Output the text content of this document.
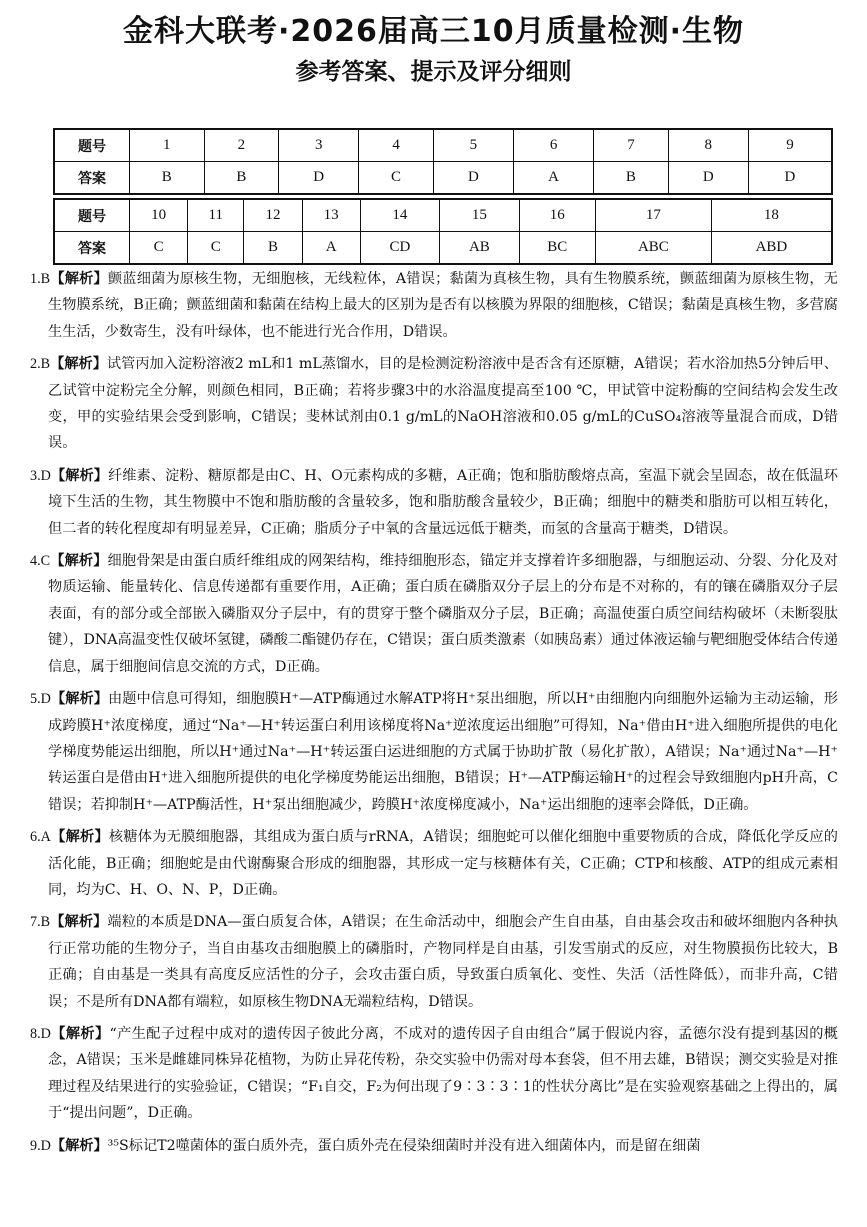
金科大联考·2026届高三10月质量检测·生物
参考答案、提示及评分细则
题号	1	2	3	4	5	6	7	8	9
答案	B	B	D	C	D	A	B	D	D
题号	10	11	12	13	14	15	16	17	18
答案	C	C	B	A	CD	AB	BC	ABC	ABD

1.B【解析】颤蓝细菌为原核生物，无细胞核，无线粒体，A错误；黏菌为真核生物，具有生物膜系统，颤蓝细菌为原核生物，无生物膜系统，B正确；颤蓝细菌和黏菌在结构上最大的区别为是否有以核膜为界限的细胞核，C错误；黏菌是真核生物，多营腐生生活，少数寄生，没有叶绿体，也不能进行光合作用，D错误。

2.B【解析】试管丙加入淀粉溶液2 mL和1 mL蒸馏水，目的是检测淀粉溶液中是否含有还原糖，A错误；若水浴加热5分钟后甲、乙试管中淀粉完全分解，则颜色相同，B正确；若将步骤3中的水浴温度提高至100 ℃，甲试管中淀粉酶的空间结构会发生改变，甲的实验结果会受到影响，C错误；斐林试剂由0.1 g/mL的NaOH溶液和0.05 g/mL的CuSO₄溶液等量混合而成，D错误。

3.D【解析】纤维素、淀粉、糖原都是由C、H、O元素构成的多糖，A正确；饱和脂肪酸熔点高，室温下就会呈固态，故在低温环境下生活的生物，其生物膜中不饱和脂肪酸的含量较多，饱和脂肪酸含量较少，B正确；细胞中的糖类和脂肪可以相互转化，但二者的转化程度却有明显差异，C正确；脂质分子中氧的含量远远低于糖类，而氢的含量高于糖类，D错误。

4.C【解析】细胞骨架是由蛋白质纤维组成的网架结构，维持细胞形态，锚定并支撑着许多细胞器，与细胞运动、分裂、分化及对物质运输、能量转化、信息传递都有重要作用，A正确；蛋白质在磷脂双分子层上的分布是不对称的，有的镶在磷脂双分子层表面，有的部分或全部嵌入磷脂双分子层中，有的贯穿于整个磷脂双分子层，B正确；高温使蛋白质空间结构破坏（未断裂肽键），DNA高温变性仅破坏氢键，磷酸二酯键仍存在，C错误；蛋白质类激素（如胰岛素）通过体液运输与靶细胞受体结合传递信息，属于细胞间信息交流的方式，D正确。

5.D【解析】由题中信息可得知，细胞膜H⁺—ATP酶通过水解ATP将H⁺泵出细胞，所以H⁺由细胞内向细胞外运输为主动运输，形成跨膜H⁺浓度梯度，通过“Na⁺—H⁺转运蛋白利用该梯度将Na⁺逆浓度运出细胞”可得知，Na⁺借由H⁺进入细胞所提供的电化学梯度势能运出细胞，所以H⁺通过Na⁺—H⁺转运蛋白运进细胞的方式属于协助扩散（易化扩散），A错误；Na⁺通过Na⁺—H⁺转运蛋白是借由H⁺进入细胞所提供的电化学梯度势能运出细胞，B错误；H⁺—ATP酶运输H⁺的过程会导致细胞内pH升高，C错误；若抑制H⁺—ATP酶活性，H⁺泵出细胞减少，跨膜H⁺浓度梯度减小，Na⁺运出细胞的速率会降低，D正确。

6.A【解析】核糖体为无膜细胞器，其组成为蛋白质与rRNA，A错误；细胞蛇可以催化细胞中重要物质的合成，降低化学反应的活化能，B正确；细胞蛇是由代谢酶聚合形成的细胞器，其形成一定与核糖体有关，C正确；CTP和核酸、ATP的组成元素相同，均为C、H、O、N、P，D正确。

7.B【解析】端粒的本质是DNA—蛋白质复合体，A错误；在生命活动中，细胞会产生自由基，自由基会攻击和破坏细胞内各种执行正常功能的生物分子，当自由基攻击细胞膜上的磷脂时，产物同样是自由基，引发雪崩式的反应，对生物膜损伤比较大，B正确；自由基是一类具有高度反应活性的分子，会攻击蛋白质，导致蛋白质氧化、变性、失活（活性降低），而非升高，C错误；不是所有DNA都有端粒，如原核生物DNA无端粒结构，D错误。

8.D【解析】“产生配子过程中成对的遗传因子彼此分离，不成对的遗传因子自由组合”属于假说内容，孟德尔没有提到基因的概念，A错误；玉米是雌雄同株异花植物，为防止异花传粉，杂交实验中仍需对母本套袋，但不用去雄，B错误；测交实验是对推理过程及结果进行的实验验证，C错误；“F₁自交，F₂为何出现了9∶3∶3∶1的性状分离比”是在实验观察基础之上得出的，属于“提出问题”，D正确。

9.D【解析】³⁵S标记T2噬菌体的蛋白质外壳，蛋白质外壳在侵染细菌时并没有进入细菌体内，而是留在细菌
